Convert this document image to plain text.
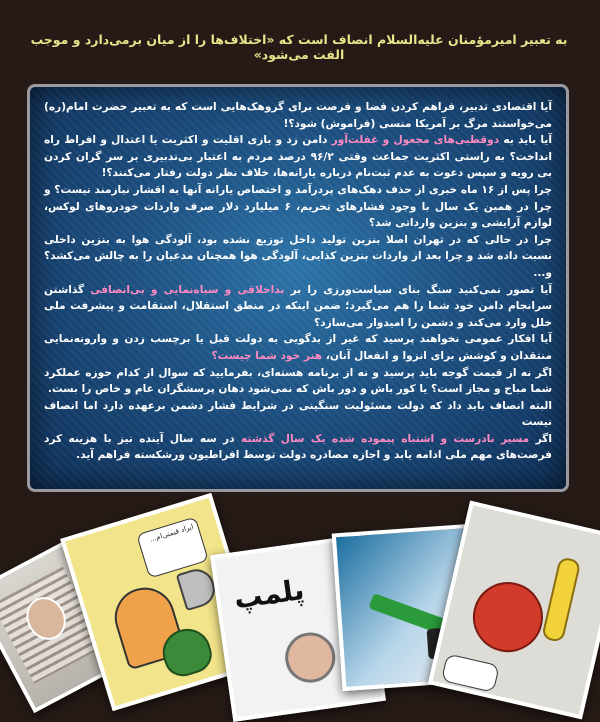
به تعبیر امیرمؤمنان علیه‌السلام انصاف است که «اختلاف‌ها را از میان برمی‌دارد و موجب الفت می‌شود»

آیا اقتصادی تدبیر، فراهم کردن فضا و فرصت برای گروهک‌هایی است که به تعبیر حضرت امام(ره) می‌خواستند مرگ بر آمریکا منسی (فراموش) شود؟!

آیا باید به دوقطبی‌های مجعول و غفلت‌آور دامن زد و بازی اقلیت و اکثریت یا اعتدال و افراط راه انداخت؟ به راستی اکثریت جماعت وقتی ۹۶/۲ درصد مردم به اعتبار بی‌تدبیری بر سر گران کردن بی رویه و سپس دعوت به عدم ثبت‌نام درباره یارانه‌ها، خلاف نظر دولت رفتار می‌کنند؟!

چرا پس از ۱۶ ماه خبری از حذف دهک‌های پردرآمد و اختصاص یارانه آنها به اقشار نیازمند نیست؟ و چرا در همین یک سال با وجود فشارهای تحریم، ۶ میلیارد دلار صرف واردات خودروهای لوکس، لوازم آرایشی و بنزین وارداتی شد؟

چرا در حالی که در تهران اصلا بنزین تولید داخل توزیع نشده بود، آلودگی هوا به بنزین داخلی نسبت داده شد و چرا بعد از واردات بنزین کذایی، آلودگی هوا همچنان مدعیان را به چالش می‌کشد؟ و...

آیا تصور نمی‌کنید سنگ بنای سیاست‌ورزی را بر بداخلاقی و سیاه‌نمایی و بی‌انصافی گذاشتن سرانجام دامن خود شما را هم می‌گیرد؛ ضمن اینکه در منطق استقلال، استقامت و پیشرفت ملی خلل وارد می‌کند و دشمن را امیدوار می‌سازد؟

آیا افکار عمومی نخواهند پرسید که غیر از بدگویی به دولت قبل یا برچسب زدن و وارونه‌نمایی منتقدان و کوشش برای انزوا و انفعال آنان، هنر خود شما چیست؟

اگر نه از قیمت گوجه باید پرسید و نه از برنامه هسته‌ای، بفرمایید که سوال از کدام حوزه عملکرد شما مباح و مجاز است؟ یا کور باش و دور باش که نمی‌شود دهان پرسشگران عام و خاص را بست.

البته انصاف باید داد که دولت مسئولیت سنگینی در شرایط فشار دشمن برعهده دارد اما انصاف نیست

اگر مسیر نادرست و اشتباه پیموده شده یک سال گذشته در سه سال آینده نیز با هزینه کرد فرصت‌های مهم ملی ادامه یابد و اجازه مصادره دولت توسط افراطیون ورشکسته فراهم آید.

ایراد قیمتی‌ام...
پلمپ
